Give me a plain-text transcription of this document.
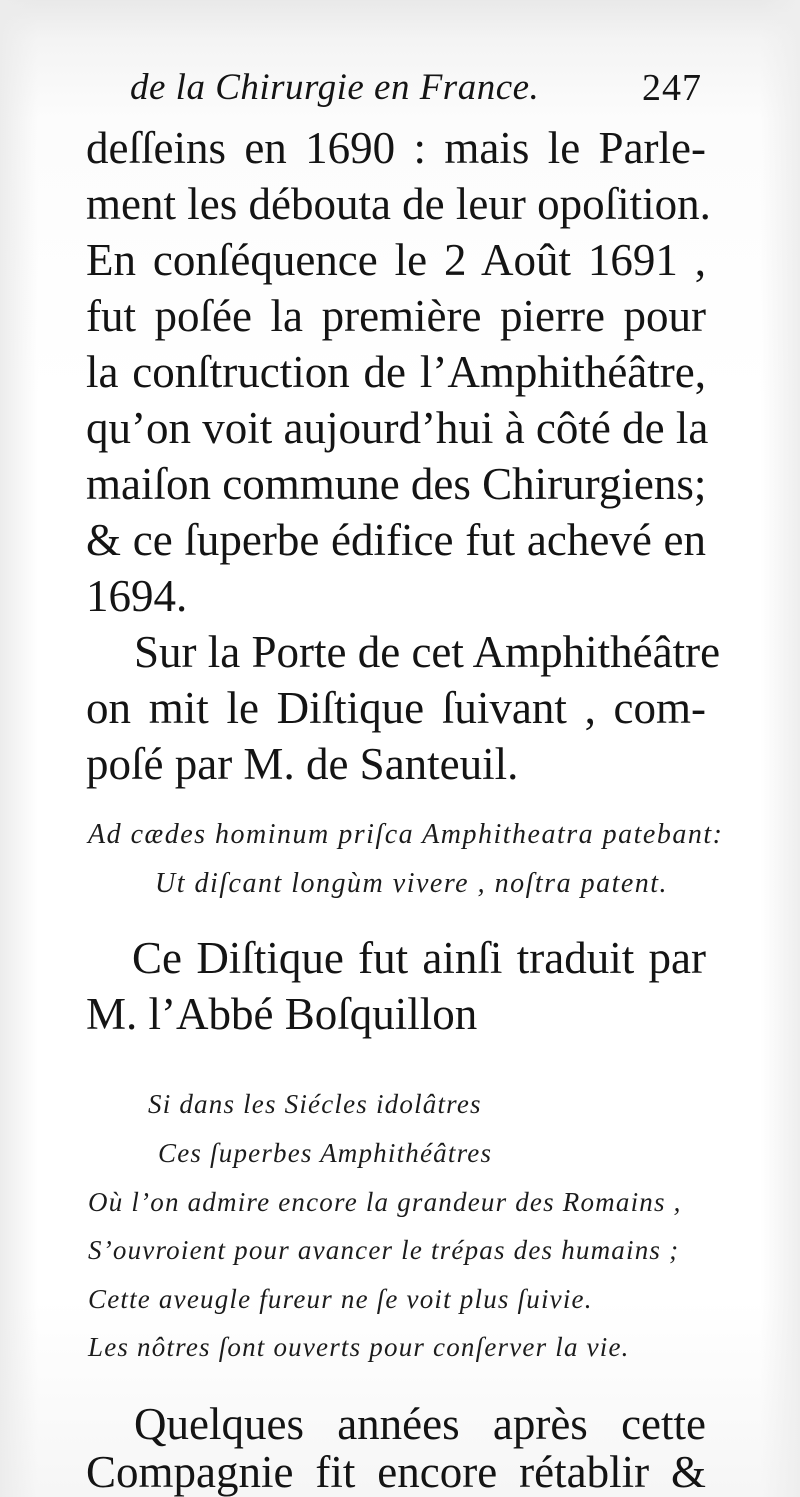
de la Chirurgie en France.	247
deſſeins en 1690 : mais le Parle-
ment les débouta de leur opoſition.
En conſéquence le 2 Août 1691 ,
fut poſée la première pierre pour
la conſtruction de l’Amphithéâtre,
qu’on voit aujourd’hui à côté de la
maiſon commune des Chirurgiens;
& ce ſuperbe édifice fut achevé en
1694.
Sur la Porte de cet Amphithéâtre
on mit le Diſtique ſuivant , com-
poſé par M. de Santeuil.
Ad cædes hominum priſca Amphitheatra patebant:
Ut diſcant longùm vivere , noſtra patent.
Ce Diſtique fut ainſi traduit par
M. l’Abbé Boſquillon
Si dans les Siécles idolâtres
Ces ſuperbes Amphithéâtres
Où l’on admire encore la grandeur des Romains ,
S’ouvroient pour avancer le trépas des humains ;
Cette aveugle fureur ne ſe voit plus ſuivie.
Les nôtres ſont ouverts pour conſerver la vie.
Quelques années après cette
Compagnie fit encore rétablir &
